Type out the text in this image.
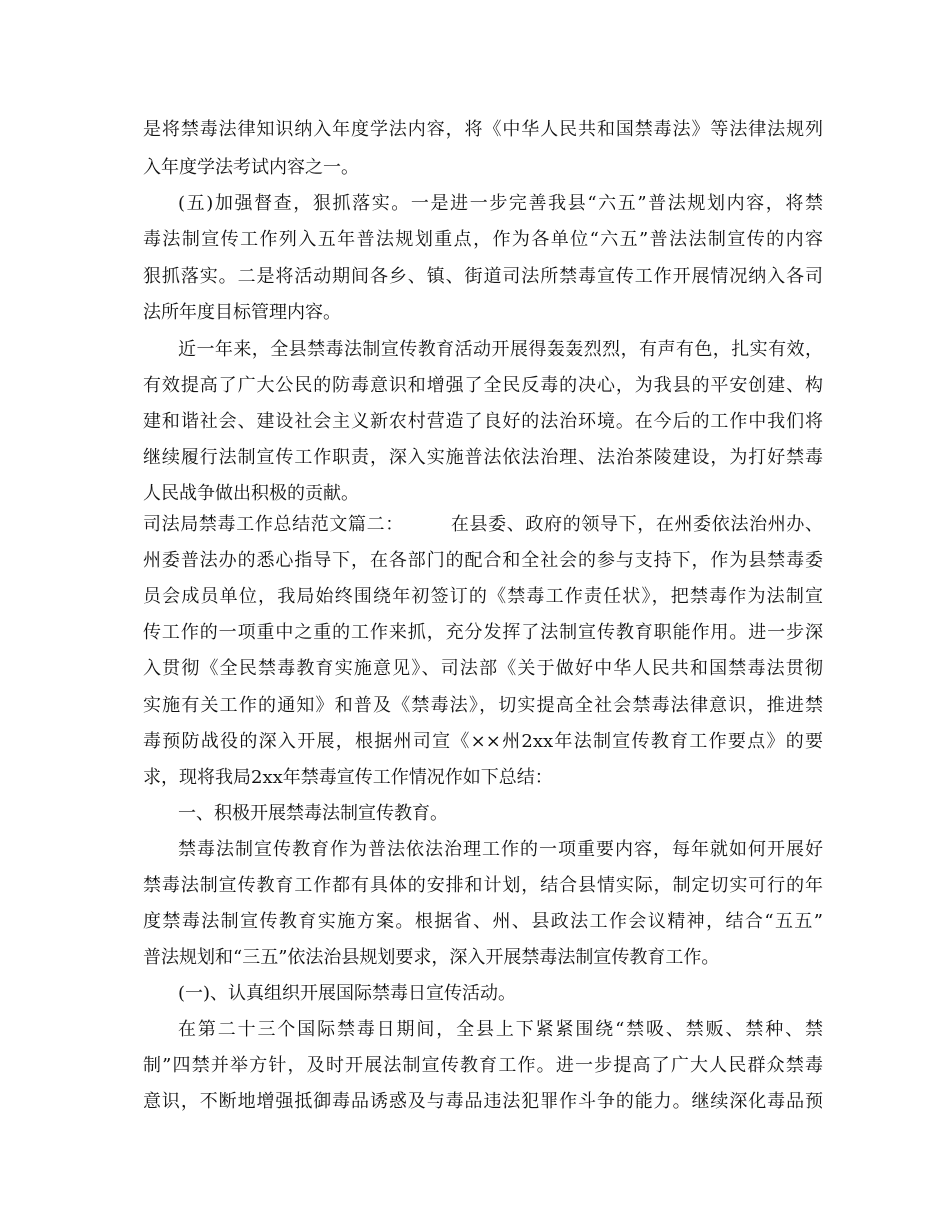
是将禁毒法律知识纳入年度学法内容，将《中华人民共和国禁毒法》等法律法规列
入年度学法考试内容之一。
(五)加强督查，狠抓落实。一是进一步完善我县“六五”普法规划内容，将禁
毒法制宣传工作列入五年普法规划重点，作为各单位“六五”普法法制宣传的内容
狠抓落实。二是将活动期间各乡、镇、街道司法所禁毒宣传工作开展情况纳入各司
法所年度目标管理内容。
近一年来，全县禁毒法制宣传教育活动开展得轰轰烈烈，有声有色，扎实有效，
有效提高了广大公民的防毒意识和增强了全民反毒的决心，为我县的平安创建、构
建和谐社会、建设社会主义新农村营造了良好的法治环境。在今后的工作中我们将
继续履行法制宣传工作职责，深入实施普法依法治理、法治茶陵建设，为打好禁毒
人民战争做出积极的贡献。
司法局禁毒工作总结范文篇二：　　　在县委、政府的领导下，在州委依法治州办、
州委普法办的悉心指导下，在各部门的配合和全社会的参与支持下，作为县禁毒委
员会成员单位，我局始终围绕年初签订的《禁毒工作责任状》，把禁毒作为法制宣
传工作的一项重中之重的工作来抓，充分发挥了法制宣传教育职能作用。进一步深
入贯彻《全民禁毒教育实施意见》、司法部《关于做好中华人民共和国禁毒法贯彻
实施有关工作的通知》和普及《禁毒法》，切实提高全社会禁毒法律意识，推进禁
毒预防战役的深入开展，根据州司宣《××州2xx年法制宣传教育工作要点》的要
求，现将我局2xx年禁毒宣传工作情况作如下总结：
一、积极开展禁毒法制宣传教育。
禁毒法制宣传教育作为普法依法治理工作的一项重要内容，每年就如何开展好
禁毒法制宣传教育工作都有具体的安排和计划，结合县情实际，制定切实可行的年
度禁毒法制宣传教育实施方案。根据省、州、县政法工作会议精神，结合“五五”
普法规划和“三五”依法治县规划要求，深入开展禁毒法制宣传教育工作。
(一)、认真组织开展国际禁毒日宣传活动。
在第二十三个国际禁毒日期间，全县上下紧紧围绕“禁吸、禁贩、禁种、禁
制”四禁并举方针，及时开展法制宣传教育工作。进一步提高了广大人民群众禁毒
意识，不断地增强抵御毒品诱惑及与毒品违法犯罪作斗争的能力。继续深化毒品预
